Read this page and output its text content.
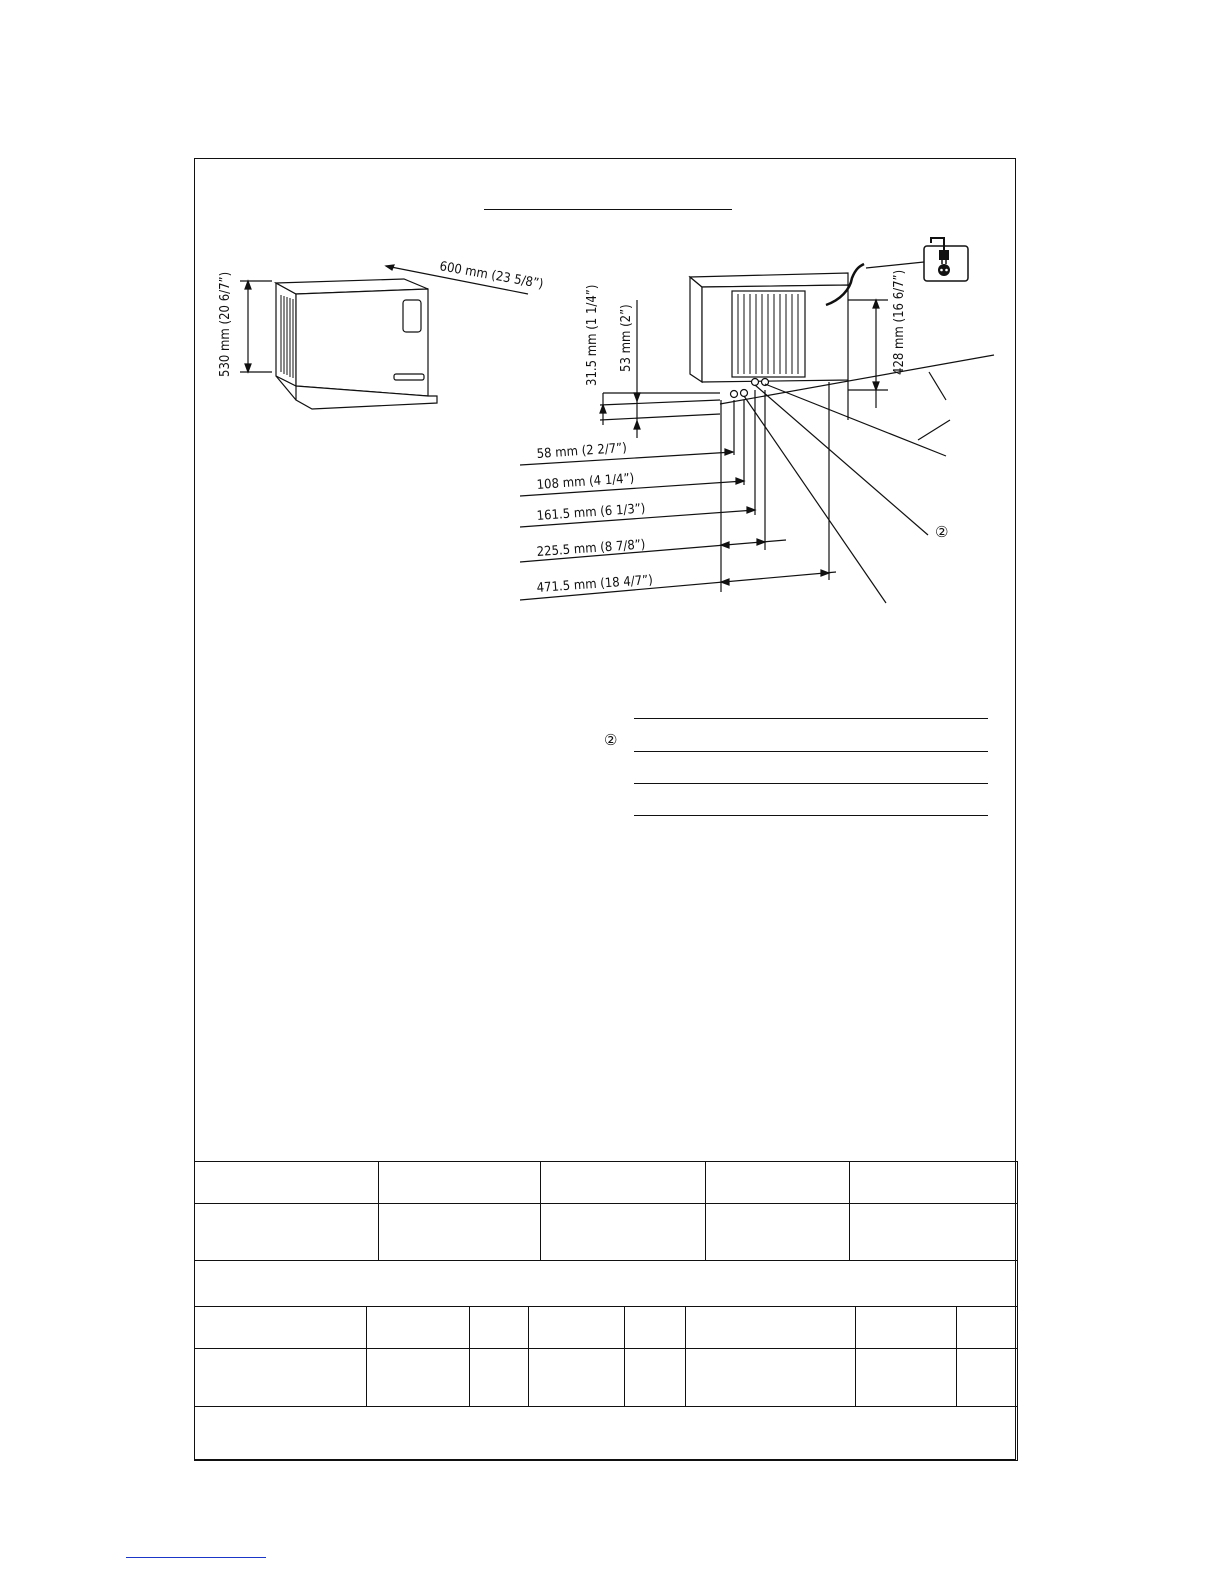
530 mm (20 6/7”)	600 mm (23 5/8”)
31.5 mm (1 1/4”) 53 mm (2”)	428 mm (16 6/7”)
58 mm (2 2/7”)
108 mm (4 1/4”)
161.5 mm (6 1/3”)
225.5 mm (8 7/8”)
471.5 mm (18 4/7”)
②
②
